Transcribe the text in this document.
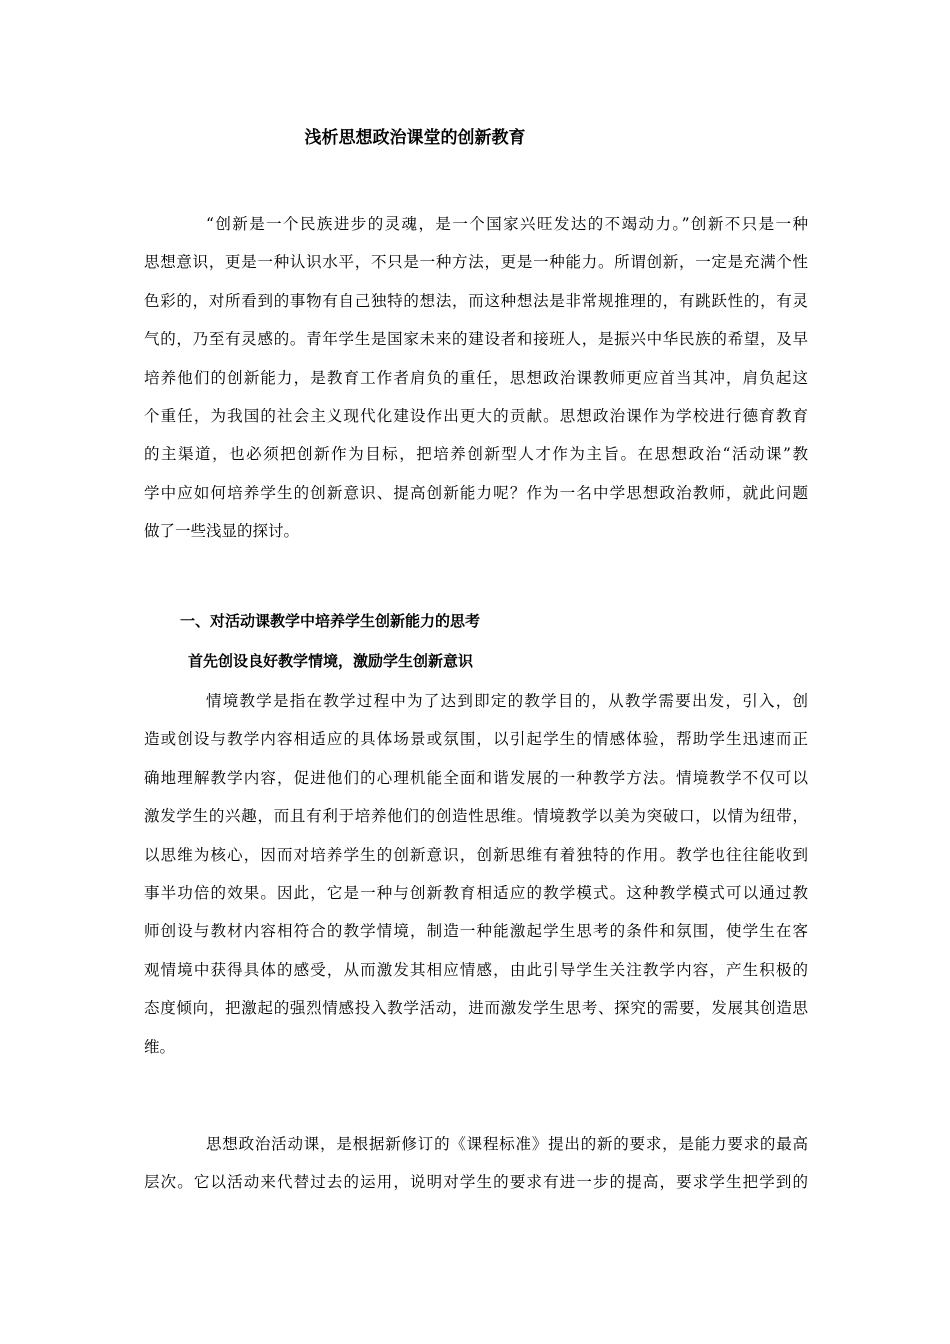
浅析思想政治课堂的创新教育
“创新是一个民族进步的灵魂，是一个国家兴旺发达的不竭动力。”创新不只是一种
思想意识，更是一种认识水平，不只是一种方法，更是一种能力。所谓创新，一定是充满个性
色彩的，对所看到的事物有自己独特的想法，而这种想法是非常规推理的，有跳跃性的，有灵
气的，乃至有灵感的。青年学生是国家未来的建设者和接班人，是振兴中华民族的希望，及早
培养他们的创新能力，是教育工作者肩负的重任，思想政治课教师更应首当其冲，肩负起这
个重任，为我国的社会主义现代化建设作出更大的贡献。思想政治课作为学校进行德育教育
的主渠道，也必须把创新作为目标，把培养创新型人才作为主旨。在思想政治“活动课”教
学中应如何培养学生的创新意识、提高创新能力呢？作为一名中学思想政治教师，就此问题
做了一些浅显的探讨。
一、对活动课教学中培养学生创新能力的思考
首先创设良好教学情境，激励学生创新意识
情境教学是指在教学过程中为了达到即定的教学目的，从教学需要出发，引入，创
造或创设与教学内容相适应的具体场景或氛围，以引起学生的情感体验，帮助学生迅速而正
确地理解教学内容，促进他们的心理机能全面和谐发展的一种教学方法。情境教学不仅可以
激发学生的兴趣，而且有利于培养他们的创造性思维。情境教学以美为突破口，以情为纽带，
以思维为核心，因而对培养学生的创新意识，创新思维有着独特的作用。教学也往往能收到
事半功倍的效果。因此，它是一种与创新教育相适应的教学模式。这种教学模式可以通过教
师创设与教材内容相符合的教学情境，制造一种能激起学生思考的条件和氛围，使学生在客
观情境中获得具体的感受，从而激发其相应情感，由此引导学生关注教学内容，产生积极的
态度倾向，把激起的强烈情感投入教学活动，进而激发学生思考、探究的需要，发展其创造思
维。
思想政治活动课，是根据新修订的《课程标准》提出的新的要求，是能力要求的最高
层次。它以活动来代替过去的运用，说明对学生的要求有进一步的提高，要求学生把学到的
